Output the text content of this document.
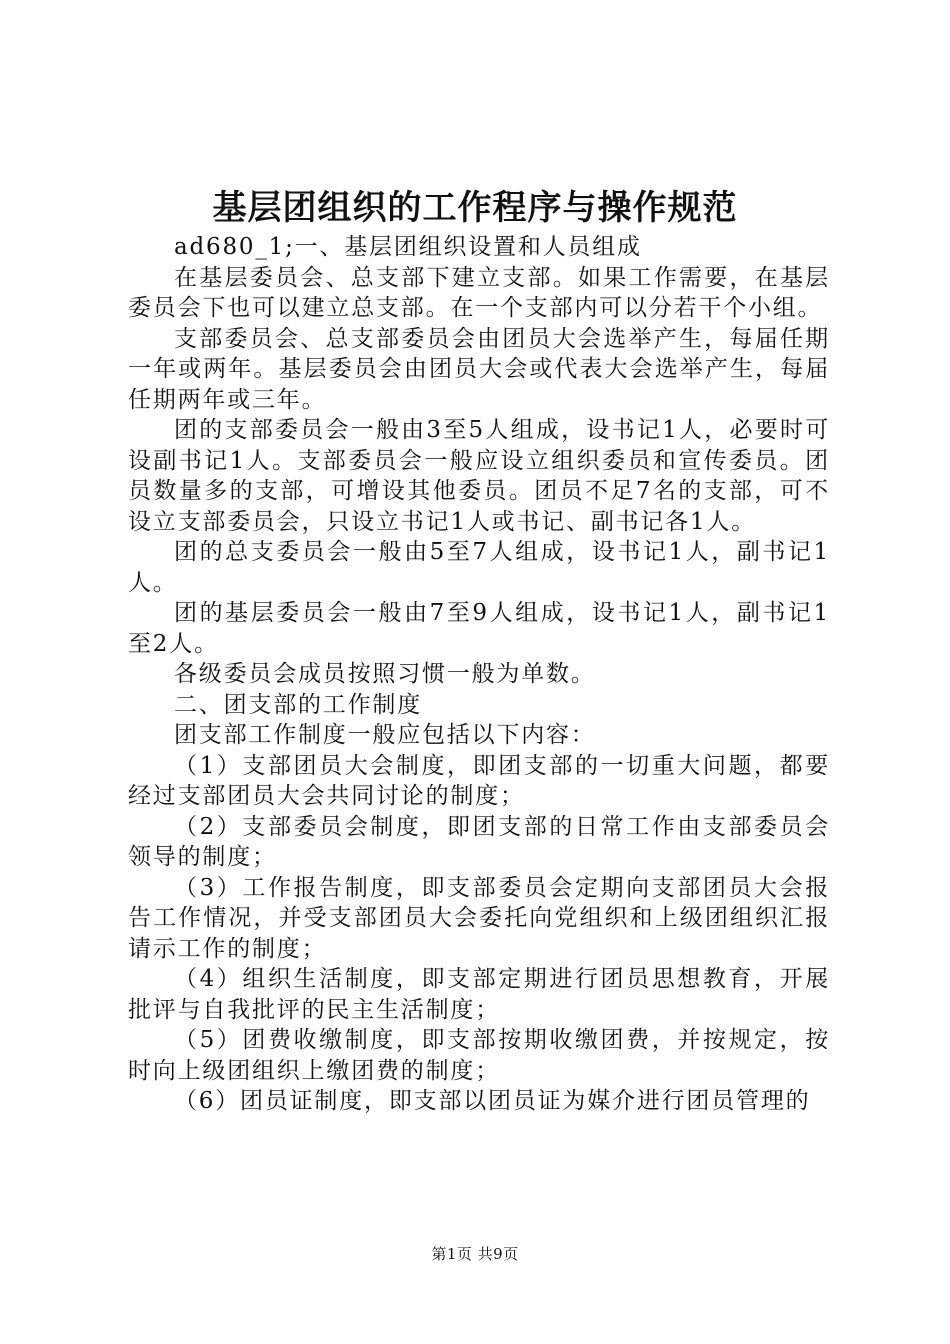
基层团组织的工作程序与操作规范

ad680_1;一、基层团组织设置和人员组成

在基层委员会、总支部下建立支部。如果工作需要，在基层委员会下也可以建立总支部。在一个支部内可以分若干个小组。

支部委员会、总支部委员会由团员大会选举产生，每届任期一年或两年。基层委员会由团员大会或代表大会选举产生，每届任期两年或三年。

团的支部委员会一般由3至5人组成，设书记1人，必要时可设副书记1人。支部委员会一般应设立组织委员和宣传委员。团员数量多的支部，可增设其他委员。团员不足7名的支部，可不设立支部委员会，只设立书记1人或书记、副书记各1人。

团的总支委员会一般由5至7人组成，设书记1人，副书记1人。

团的基层委员会一般由7至9人组成，设书记1人，副书记1至2人。

各级委员会成员按照习惯一般为单数。

二、团支部的工作制度

团支部工作制度一般应包括以下内容：

（1）支部团员大会制度，即团支部的一切重大问题，都要经过支部团员大会共同讨论的制度；

（2）支部委员会制度，即团支部的日常工作由支部委员会领导的制度；

（3）工作报告制度，即支部委员会定期向支部团员大会报告工作情况，并受支部团员大会委托向党组织和上级团组织汇报请示工作的制度；

（4）组织生活制度，即支部定期进行团员思想教育，开展批评与自我批评的民主生活制度；

（5）团费收缴制度，即支部按期收缴团费，并按规定，按时向上级团组织上缴团费的制度；

（6）团员证制度，即支部以团员证为媒介进行团员管理的

第1页 共9页
